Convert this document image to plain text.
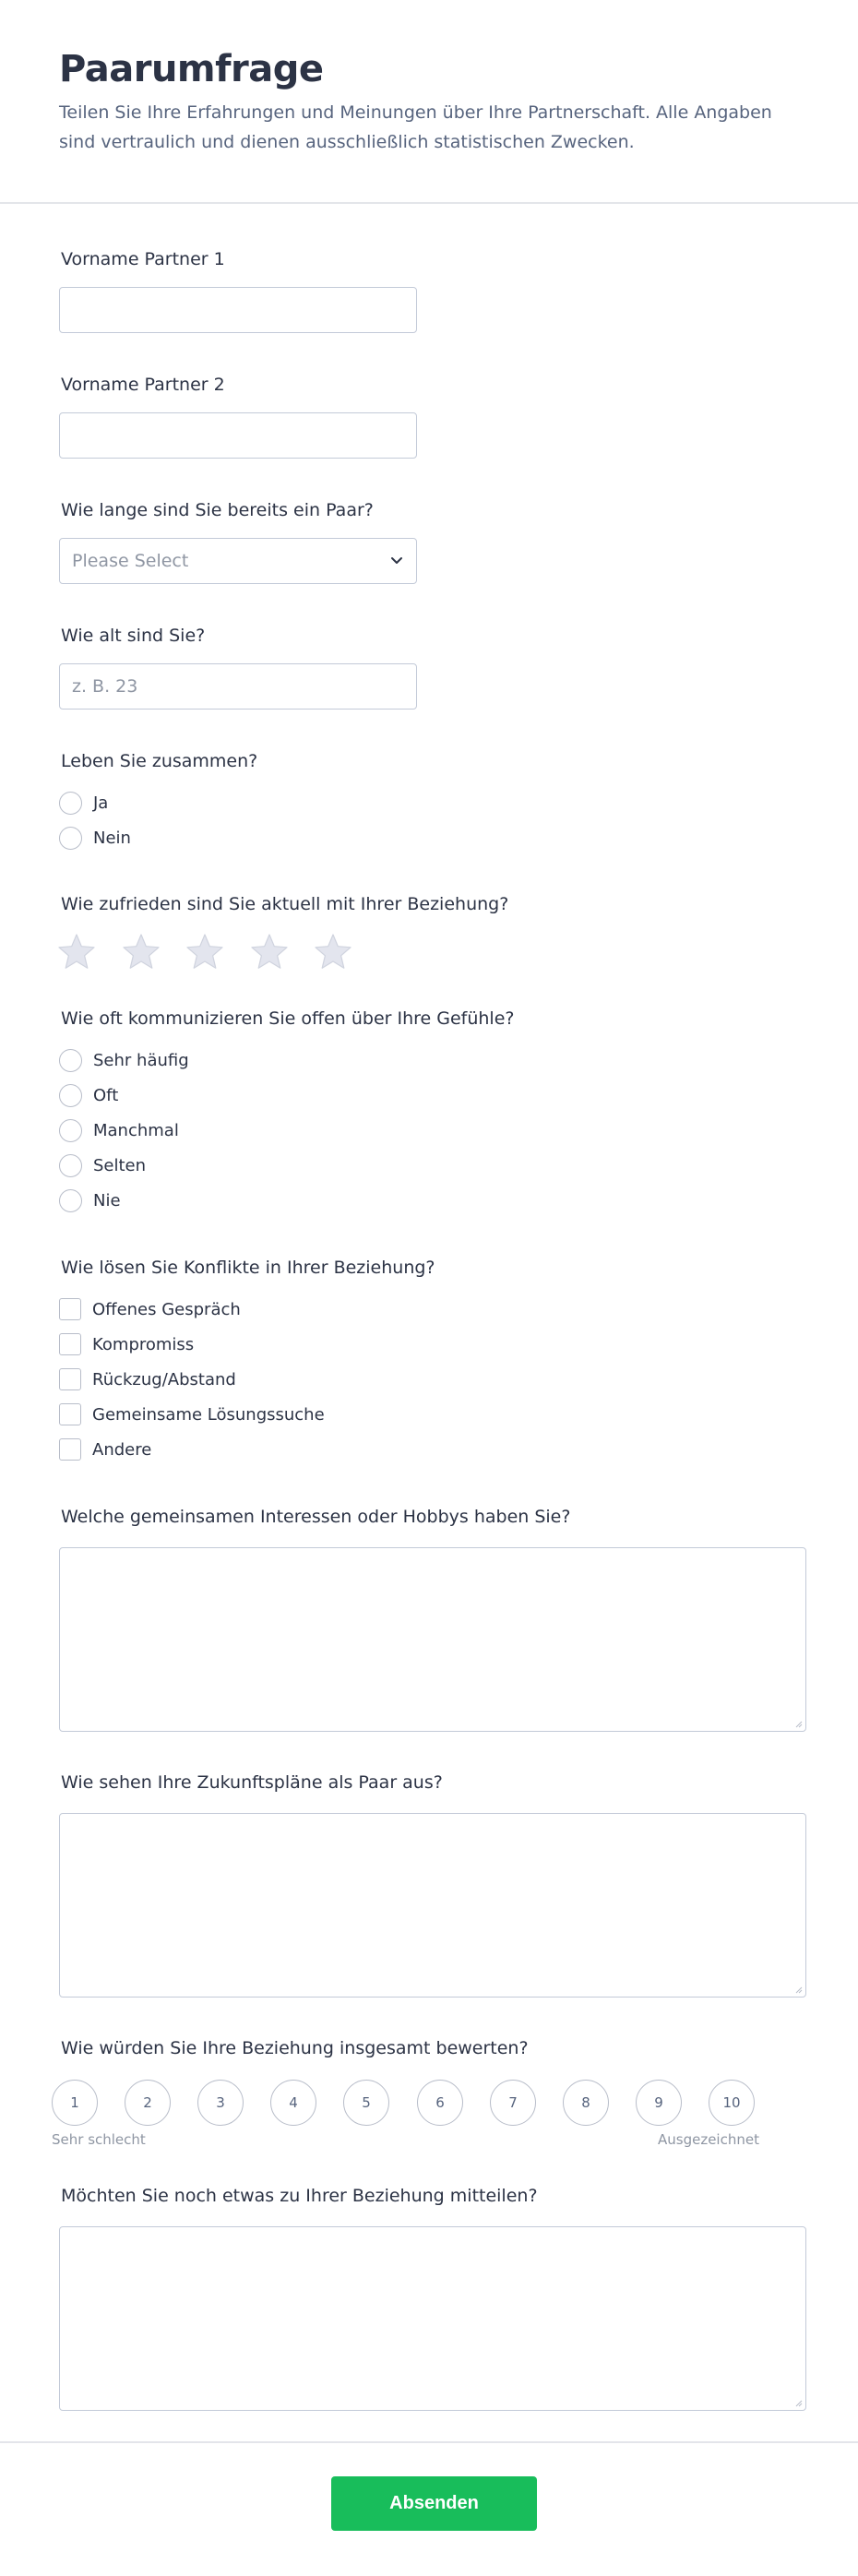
Paarumfrage
Teilen Sie Ihre Erfahrungen und Meinungen über Ihre Partnerschaft. Alle Angaben sind vertraulich und dienen ausschließlich statistischen Zwecken.
Vorname Partner 1
Vorname Partner 2
Wie lange sind Sie bereits ein Paar?
Please Select
Wie alt sind Sie?
z. B. 23
Leben Sie zusammen?
Ja
Nein
Wie zufrieden sind Sie aktuell mit Ihrer Beziehung?
Wie oft kommunizieren Sie offen über Ihre Gefühle?
Sehr häufig
Oft
Manchmal
Selten
Nie
Wie lösen Sie Konflikte in Ihrer Beziehung?
Offenes Gespräch
Kompromiss
Rückzug/Abstand
Gemeinsame Lösungssuche
Andere
Welche gemeinsamen Interessen oder Hobbys haben Sie?
Wie sehen Ihre Zukunftspläne als Paar aus?
Wie würden Sie Ihre Beziehung insgesamt bewerten?
1	2	3	4	5	6	7	8	9	10
Sehr schlecht	Ausgezeichnet
Möchten Sie noch etwas zu Ihrer Beziehung mitteilen?
Absenden
